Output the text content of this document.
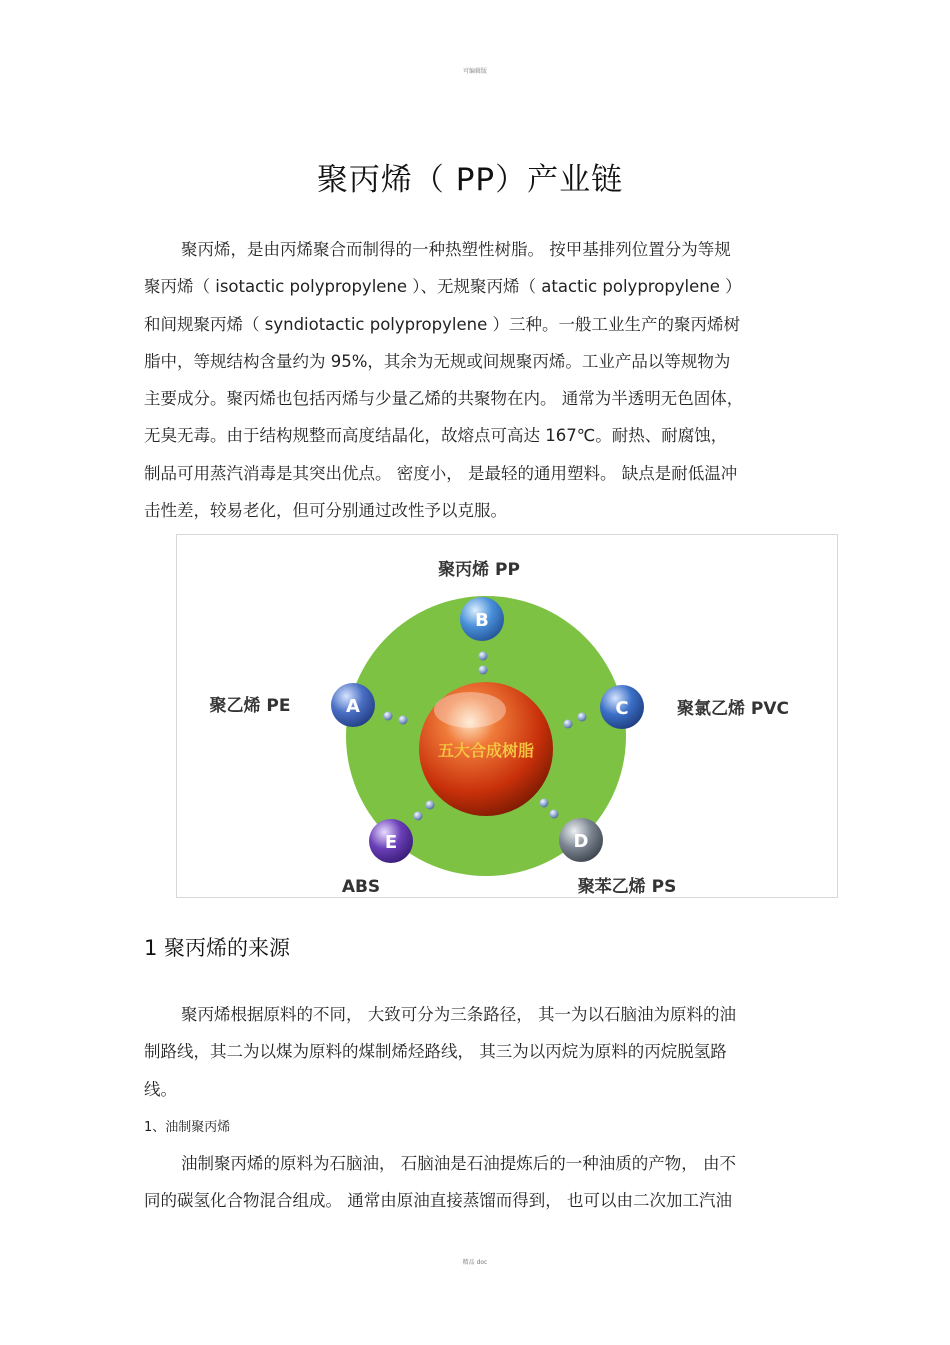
可编辑版
聚丙烯（ PP）产业链

聚丙烯，是由丙烯聚合而制得的一种热塑性树脂。 按甲基排列位置分为等规

聚丙烯（ isotactic polypropylene ）、无规聚丙烯（ atactic polypropylene ）

和间规聚丙烯（ syndiotactic polypropylene ）三种。一般工业生产的聚丙烯树

脂中，等规结构含量约为 95%，其余为无规或间规聚丙烯。工业产品以等规物为

主要成分。聚丙烯也包括丙烯与少量乙烯的共聚物在内。 通常为半透明无色固体，

无臭无毒。由于结构规整而高度结晶化，故熔点可高达 167℃。耐热、耐腐蚀，

制品可用蒸汽消毒是其突出优点。 密度小， 是最轻的通用塑料。 缺点是耐低温冲

击性差，较易老化，但可分别通过改性予以克服。

五大合成树脂
B
聚丙烯 PP
A
聚乙烯 PE	C	聚氯乙烯 PVC
D
聚苯乙烯 PS
E
ABS
1 聚丙烯的来源

聚丙烯根据原料的不同， 大致可分为三条路径， 其一为以石脑油为原料的油

制路线，其二为以煤为原料的煤制烯烃路线， 其三为以丙烷为原料的丙烷脱氢路

线。

1、油制聚丙烯

油制聚丙烯的原料为石脑油， 石脑油是石油提炼后的一种油质的产物， 由不

同的碳氢化合物混合组成。 通常由原油直接蒸馏而得到， 也可以由二次加工汽油

精品 doc
